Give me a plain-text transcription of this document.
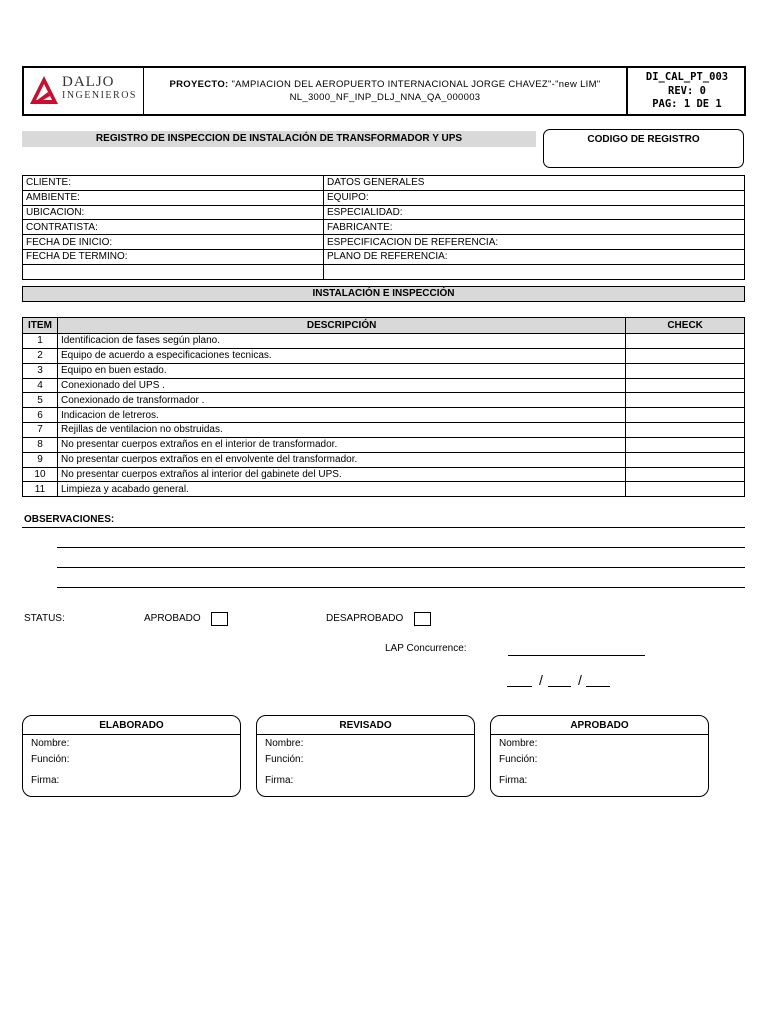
DALJO
INGENIEROS
PROYECTO: "AMPIACION DEL AEROPUERTO INTERNACIONAL JORGE CHAVEZ"-"new LIM"
NL_3000_NF_INP_DLJ_NNA_QA_000003
DI_CAL_PT_003
REV: 0
PAG: 1 DE 1
REGISTRO DE INSPECCION DE INSTALACIÓN DE TRANSFORMADOR Y UPS	CODIGO DE REGISTRO
CLIENTE:	DATOS GENERALES
AMBIENTE:	EQUIPO:
UBICACION:	ESPECIALIDAD:
CONTRATISTA:	FABRICANTE:
FECHA DE INICIO:	ESPECIFICACION DE REFERENCIA:
FECHA DE TERMINO:	PLANO DE REFERENCIA:

INSTALACIÓN E INSPECCIÓN
ITEM	DESCRIPCIÓN	CHECK
1	Identificacion de fases según plano.	
2	Equipo de acuerdo a especificaciones tecnicas.	
3	Equipo en buen estado.	
4	Conexionado del UPS .	
5	Conexionado de transformador .	
6	Indicacion de letreros.	
7	Rejillas de ventilacion no obstruidas.	
8	No presentar cuerpos extraños en el interior de transformador.	
9	No presentar cuerpos extraños en el envolvente del transformador.	
10	No presentar cuerpos extraños al interior del gabinete del UPS.	
11	Limpieza y acabado general.	
OBSERVACIONES:
STATUS:	APROBADO	DESAPROBADO
LAP Concurrence:
/	/
ELABORADO
Nombre:
Función:
Firma:
REVISADO
Nombre:
Función:
Firma:
APROBADO
Nombre:
Función:
Firma:
